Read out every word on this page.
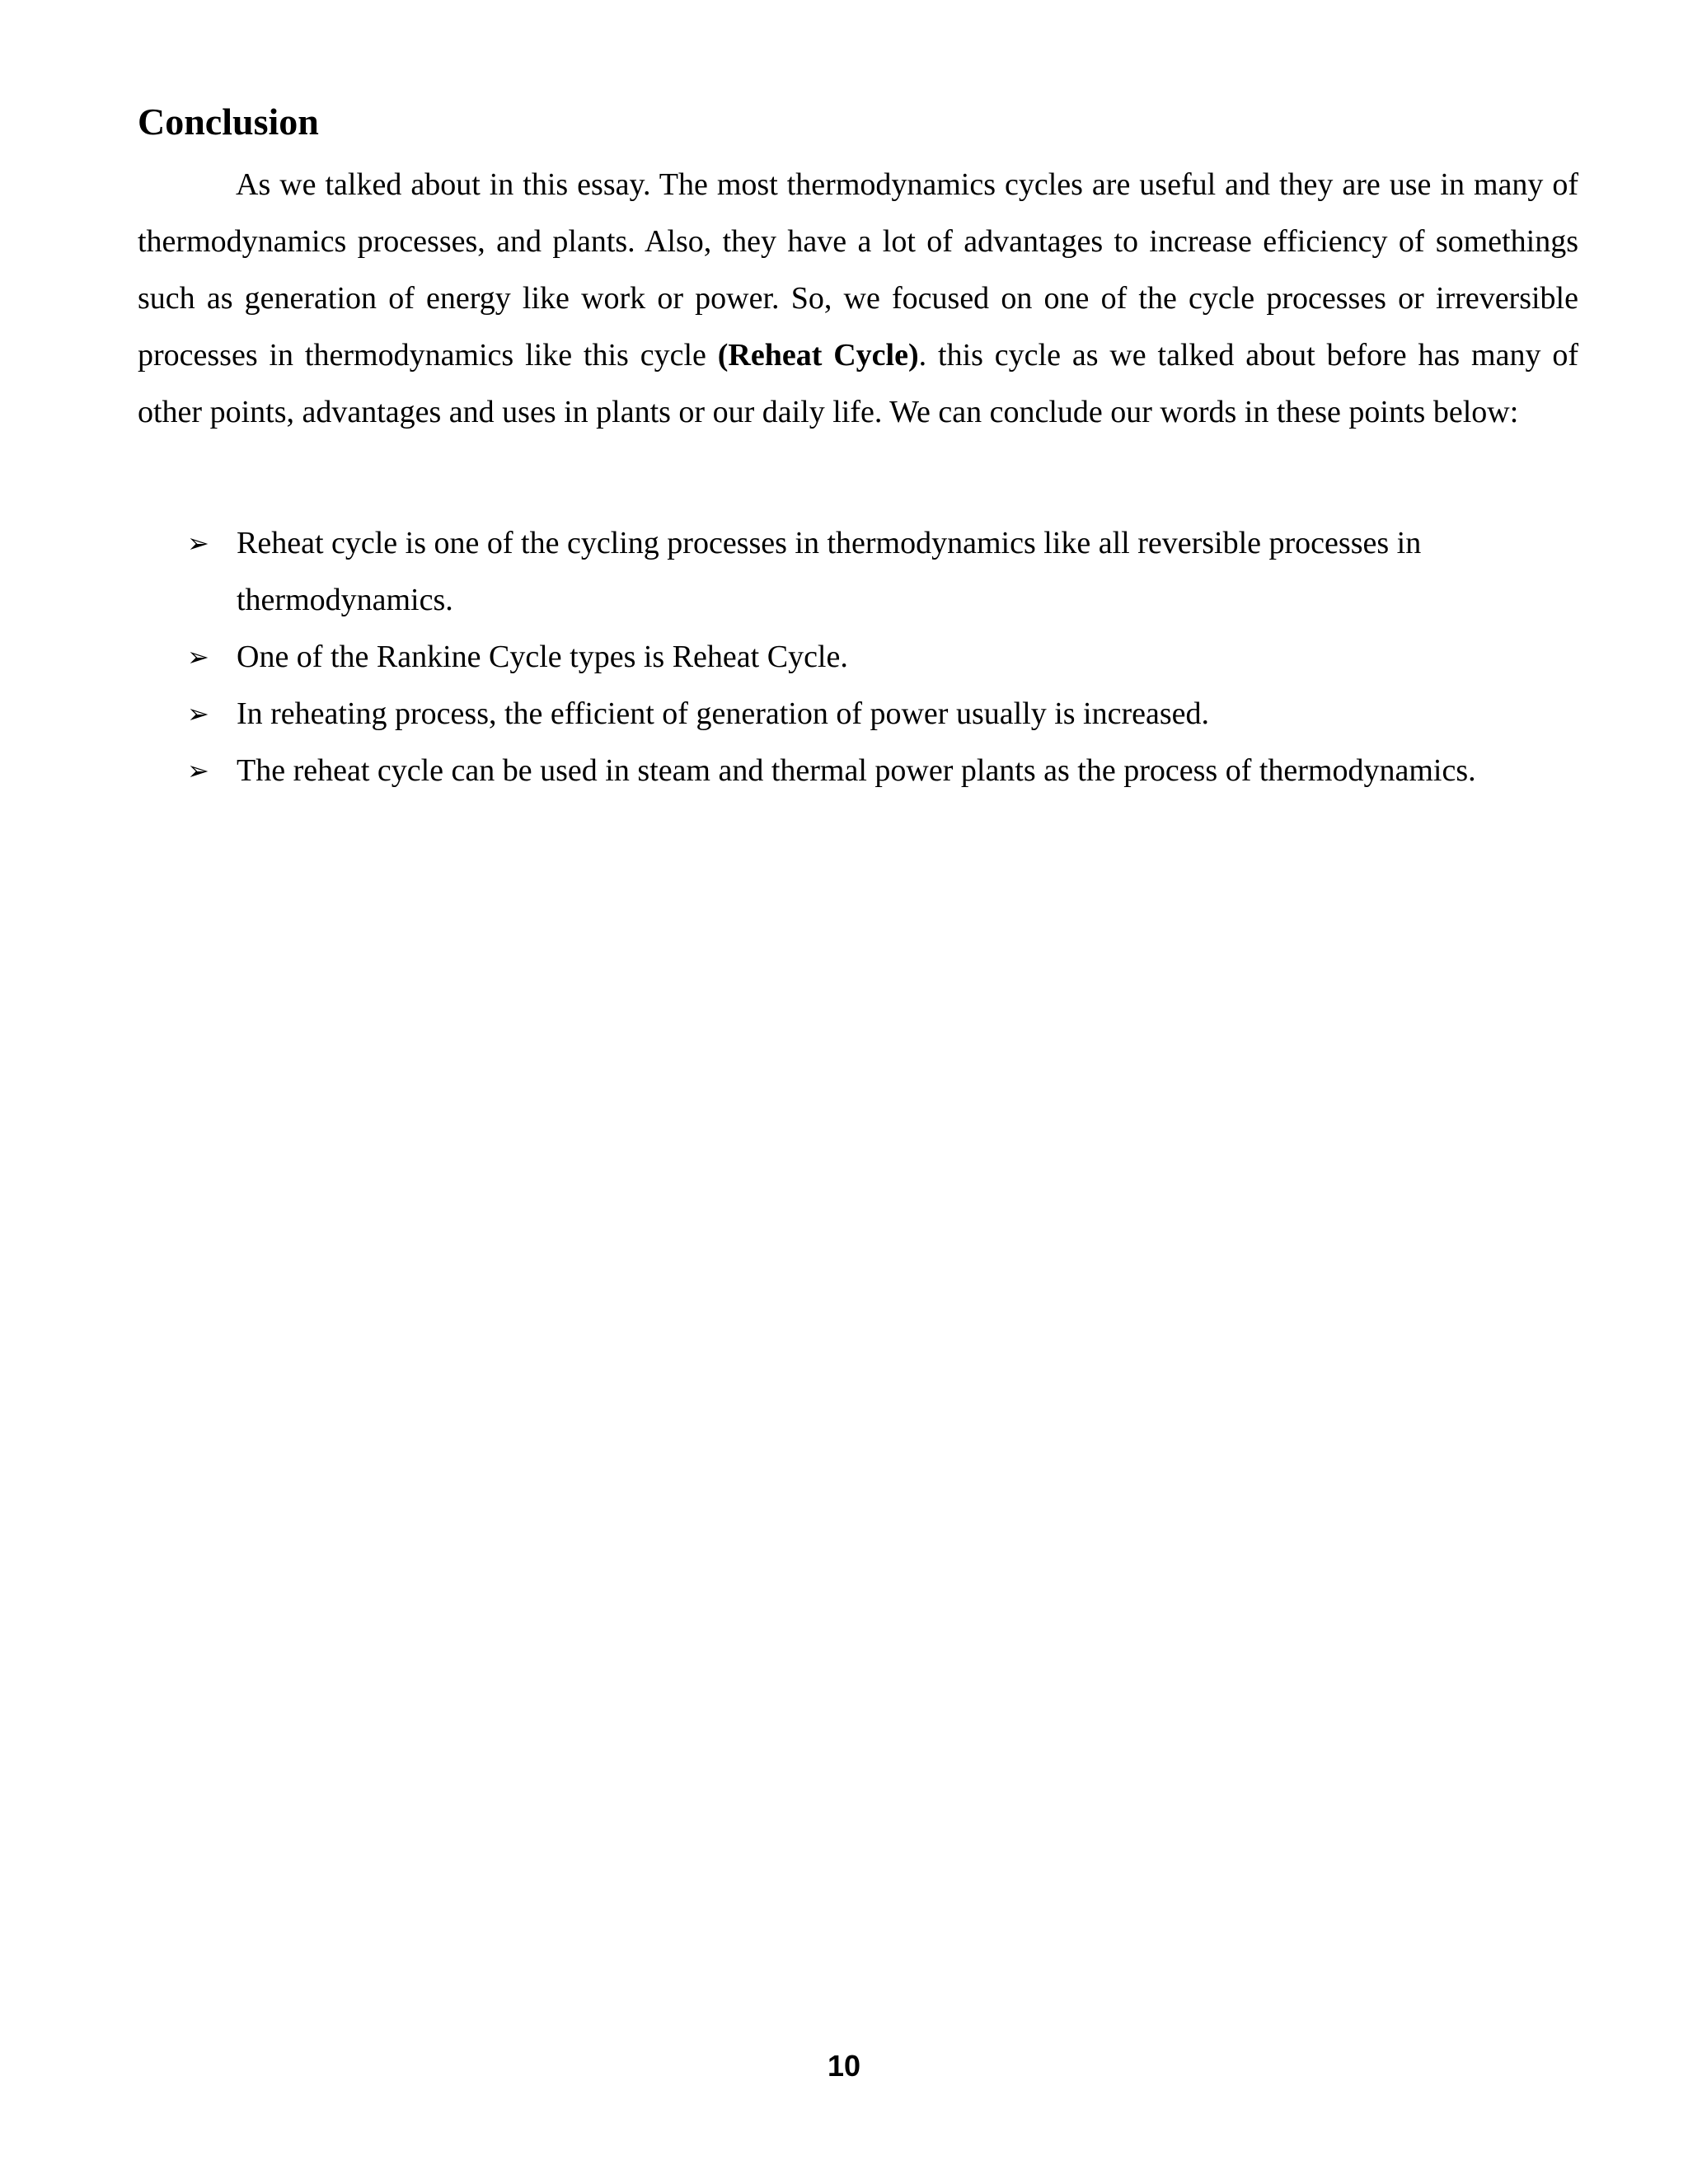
Conclusion

As we talked about in this essay. The most thermodynamics cycles are useful and they are use in many of thermodynamics processes, and plants. Also, they have a lot of advantages to increase efficiency of somethings such as generation of energy like work or power. So, we focused on one of the cycle processes or irreversible processes in thermodynamics like this cycle (Reheat Cycle). this cycle as we talked about before has many of other points, advantages and uses in plants or our daily life. We can conclude our words in these points below:

➢ Reheat cycle is one of the cycling processes in thermodynamics like all reversible processes in thermodynamics.
➢ One of the Rankine Cycle types is Reheat Cycle.
➢ In reheating process, the efficient of generation of power usually is increased.
➢ The reheat cycle can be used in steam and thermal power plants as the process of thermodynamics.
10
